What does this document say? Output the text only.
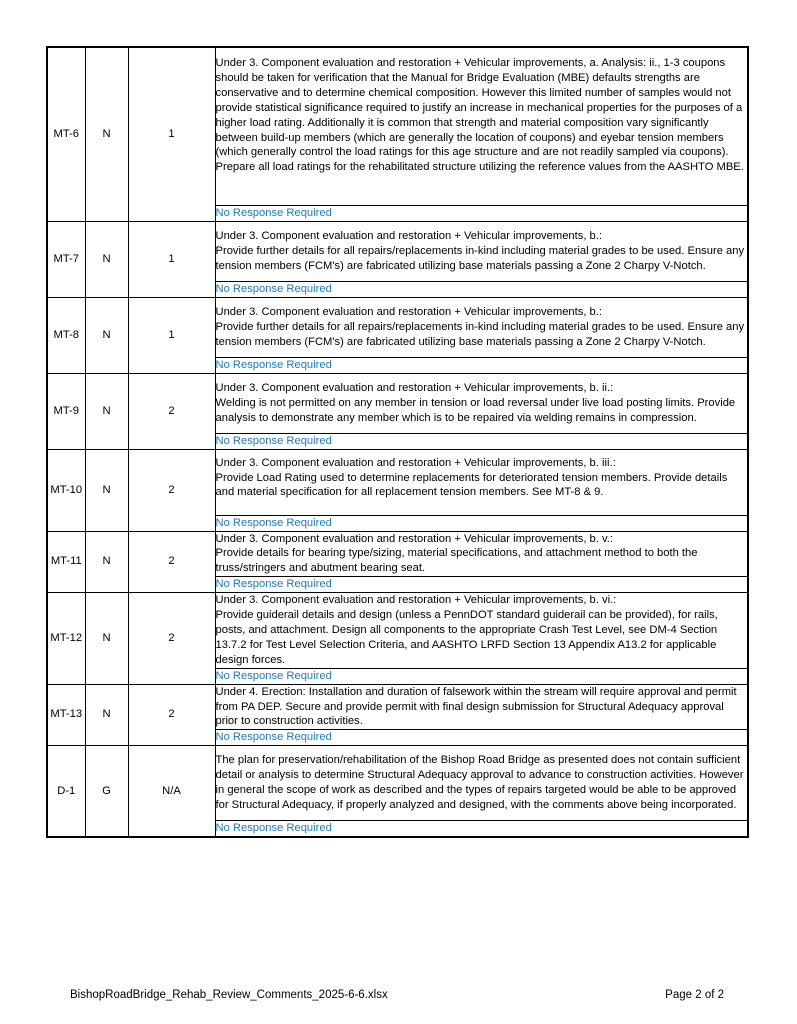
MT-6	N	1	Under 3. Component evaluation and restoration + Vehicular improvements, a. Analysis: ii., 1-3 coupons should be taken for verification that the Manual for Bridge Evaluation (MBE) defaults strengths are conservative and to determine chemical composition. However this limited number of samples would not provide statistical significance required to justify an increase in mechanical properties for the purposes of a higher load rating. Additionally it is common that strength and material composition vary significantly between build-up members (which are generally the location of coupons) and eyebar tension members (which generally control the load ratings for this age structure and are not readily sampled via coupons). Prepare all load ratings for the rehabilitated structure utilizing the reference values from the AASHTO MBE.
			No Response Required
MT-7	N	1	Under 3. Component evaluation and restoration + Vehicular improvements, b.:
Provide further details for all repairs/replacements in-kind including material grades to be used. Ensure any tension members (FCM's) are fabricated utilizing base materials passing a Zone 2 Charpy V-Notch.
			No Response Required
MT-8	N	1	Under 3. Component evaluation and restoration + Vehicular improvements, b.:
Provide further details for all repairs/replacements in-kind including material grades to be used. Ensure any tension members (FCM's) are fabricated utilizing base materials passing a Zone 2 Charpy V-Notch.
			No Response Required
MT-9	N	2	Under 3. Component evaluation and restoration + Vehicular improvements, b. ii.:
Welding is not permitted on any member in tension or load reversal under live load posting limits. Provide analysis to demonstrate any member which is to be repaired via welding remains in compression.
			No Response Required
MT-10	N	2	Under 3. Component evaluation and restoration + Vehicular improvements, b. iii.:
Provide Load Rating used to determine replacements for deteriorated tension members. Provide details and material specification for all replacement tension members. See MT-8 & 9.
			No Response Required
MT-11	N	2	Under 3. Component evaluation and restoration + Vehicular improvements, b. v.:
Provide details for bearing type/sizing, material specifications, and attachment method to both the truss/stringers and abutment bearing seat.
			No Response Required
MT-12	N	2	Under 3. Component evaluation and restoration + Vehicular improvements, b. vi.:
Provide guiderail details and design (unless a PennDOT standard guiderail can be provided), for rails, posts, and attachment. Design all components to the appropriate Crash Test Level, see DM-4 Section 13.7.2 for Test Level Selection Criteria, and AASHTO LRFD Section 13 Appendix A13.2 for applicable design forces.
			No Response Required
MT-13	N	2	Under 4. Erection: Installation and duration of falsework within the stream will require approval and permit from PA DEP. Secure and provide permit with final design submission for Structural Adequacy approval prior to construction activities.
			No Response Required
D-1	G	N/A	The plan for preservation/rehabilitation of the Bishop Road Bridge as presented does not contain sufficient detail or analysis to determine Structural Adequacy approval to advance to construction activities. However in general the scope of work as described and the types of repairs targeted would be able to be approved for Structural Adequacy, if properly analyzed and designed, with the comments above being incorporated.
			No Response Required
BishopRoadBridge_Rehab_Review_Comments_2025-6-6.xlsx	Page 2 of 2
